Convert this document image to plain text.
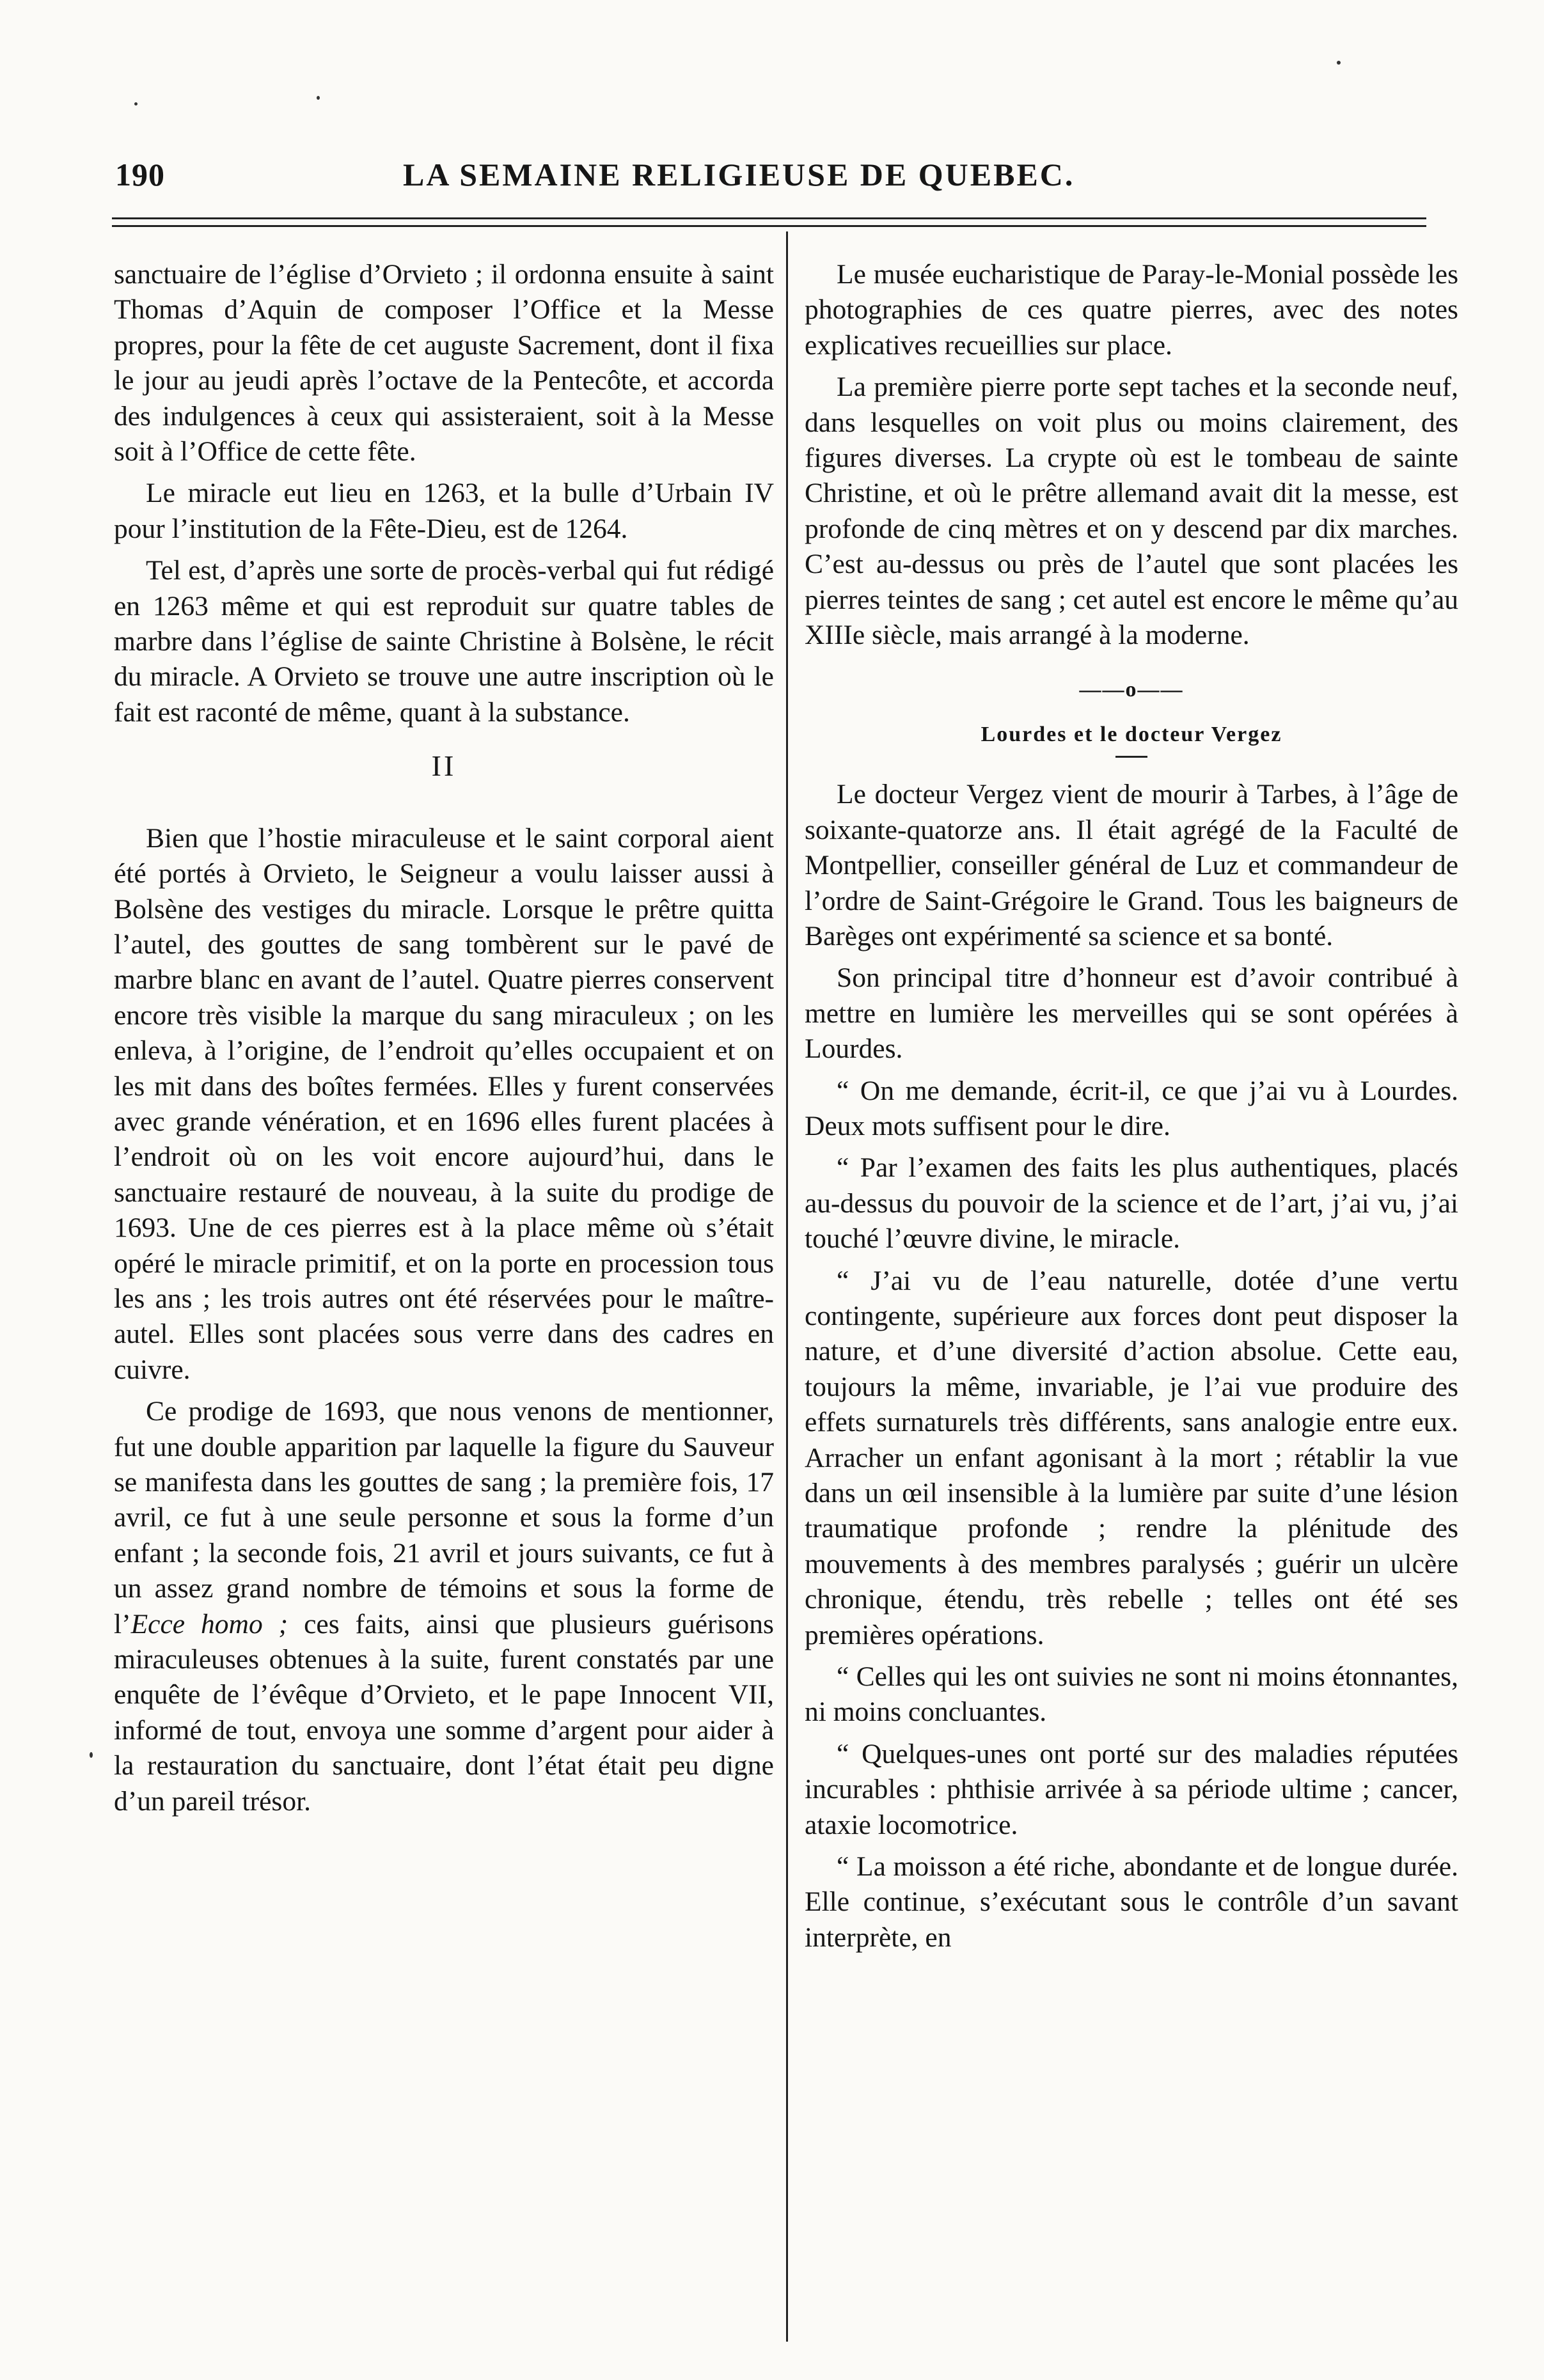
190	LA SEMAINE RELIGIEUSE DE QUEBEC.

sanctuaire de l’église d’Orvieto ; il ordonna ensuite à saint Thomas d’Aquin de composer l’Office et la Messe propres, pour la fête de cet auguste Sacrement, dont il fixa le jour au jeudi après l’octave de la Pentecôte, et accorda des indulgences à ceux qui assisteraient, soit à la Messe soit à l’Office de cette fête.

Le miracle eut lieu en 1263, et la bulle d’Urbain IV pour l’institution de la Fête-Dieu, est de 1264.

Tel est, d’après une sorte de procès-verbal qui fut rédigé en 1263 même et qui est reproduit sur quatre tables de marbre dans l’église de sainte Christine à Bolsène, le récit du miracle. A Orvieto se trouve une autre inscription où le fait est raconté de même, quant à la substance.

II

Bien que l’hostie miraculeuse et le saint corporal aient été portés à Orvieto, le Seigneur a voulu laisser aussi à Bolsène des vestiges du miracle. Lorsque le prêtre quitta l’autel, des gouttes de sang tombèrent sur le pavé de marbre blanc en avant de l’autel. Quatre pierres conservent encore très visible la marque du sang miraculeux ; on les enleva, à l’origine, de l’endroit qu’elles occupaient et on les mit dans des boîtes fermées. Elles y furent conservées avec grande vénération, et en 1696 elles furent placées à l’endroit où on les voit encore aujourd’hui, dans le sanctuaire restauré de nouveau, à la suite du prodige de 1693. Une de ces pierres est à la place même où s’était opéré le miracle primitif, et on la porte en procession tous les ans ; les trois autres ont été réservées pour le maître-autel. Elles sont placées sous verre dans des cadres en cuivre.

Ce prodige de 1693, que nous venons de mentionner, fut une double apparition par laquelle la figure du Sauveur se manifesta dans les gouttes de sang ; la première fois, 17 avril, ce fut à une seule personne et sous la forme d’un enfant ; la seconde fois, 21 avril et jours suivants, ce fut à un assez grand nombre de témoins et sous la forme de l’Ecce homo ; ces faits, ainsi que plusieurs guérisons miraculeuses obtenues à la suite, furent constatés par une enquête de l’évêque d’Orvieto, et le pape Innocent VII, informé de tout, envoya une somme d’argent pour aider à la restauration du sanctuaire, dont l’état était peu digne d’un pareil trésor.

Le musée eucharistique de Paray-le-Monial possède les photographies de ces quatre pierres, avec des notes explicatives recueillies sur place.

La première pierre porte sept taches et la seconde neuf, dans lesquelles on voit plus ou moins clairement, des figures diverses. La crypte où est le tombeau de sainte Christine, et où le prêtre allemand avait dit la messe, est profonde de cinq mètres et on y descend par dix marches. C’est au-dessus ou près de l’autel que sont placées les pierres teintes de sang ; cet autel est encore le même qu’au XIIIe siècle, mais arrangé à la moderne.

——o——
Lourdes et le docteur Vergez

Le docteur Vergez vient de mourir à Tarbes, à l’âge de soixante-quatorze ans. Il était agrégé de la Faculté de Montpellier, conseiller général de Luz et commandeur de l’ordre de Saint-Grégoire le Grand. Tous les baigneurs de Barèges ont expérimenté sa science et sa bonté.

Son principal titre d’honneur est d’avoir contribué à mettre en lumière les merveilles qui se sont opérées à Lourdes.

“ On me demande, écrit-il, ce que j’ai vu à Lourdes. Deux mots suffisent pour le dire.

“ Par l’examen des faits les plus authentiques, placés au-dessus du pouvoir de la science et de l’art, j’ai vu, j’ai touché l’œuvre divine, le miracle.

“ J’ai vu de l’eau naturelle, dotée d’une vertu contingente, supérieure aux forces dont peut disposer la nature, et d’une diversité d’action absolue. Cette eau, toujours la même, invariable, je l’ai vue produire des effets surnaturels très différents, sans analogie entre eux. Arracher un enfant agonisant à la mort ; rétablir la vue dans un œil insensible à la lumière par suite d’une lésion traumatique profonde ; rendre la plénitude des mouvements à des membres paralysés ; guérir un ulcère chronique, étendu, très rebelle ; telles ont été ses premières opérations.

“ Celles qui les ont suivies ne sont ni moins étonnantes, ni moins concluantes.

“ Quelques-unes ont porté sur des maladies réputées incurables : phthisie arrivée à sa période ultime ; cancer, ataxie locomotrice.

“ La moisson a été riche, abondante et de longue durée. Elle continue, s’exécutant sous le contrôle d’un savant interprète, en
